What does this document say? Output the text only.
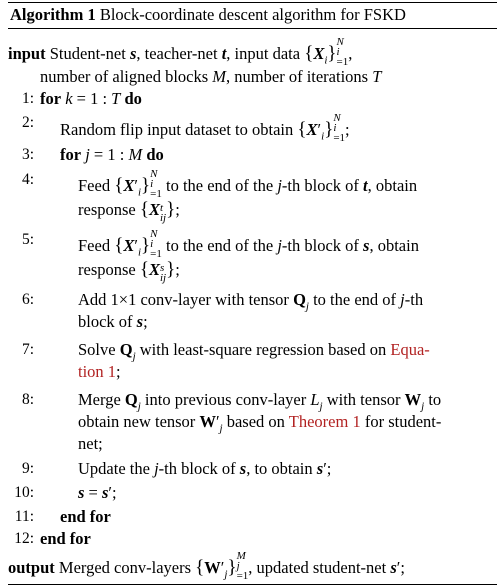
Algorithm 1 Block-coordinate descent algorithm for FSKD
input Student-net s, teacher-net t, input data $\{X_i\}$
N
i
=1 ,
number of aligned blocks M, number of iterations T
1: for k = 1 : T do
2: Random flip input dataset to obtain $\{X'_i\}$
N
i
=1 ;
3: for j = 1 : M do
4:	Feed $\{X'_i\}$
N
i
=1 to the end of the j-th block of t, obtain
response {X t
ij };
5:	Feed $\{X'_i\}$
N
i
=1 to the end of the j-th block of s, obtain
response {X s
ij };
6:	Add 1×1 conv-layer with tensor $Q_j$ to the end of j-th
block of s;
7:	Solve $Q_j$ with least-square regression based on Equa-
tion 1;
8:	Merge $Q_j$ into previous conv-layer $L_j$ with tensor $W_j$ to
obtain new tensor $W'_j$ based on Theorem 1 for student-
net;
9:	Update the j-th block of s, to obtain s′;
10:	s = s′;
11: end for
12: end for
output Merged conv-layers $\{W'_j\}$
M
j
=1 , updated student-net s′;
